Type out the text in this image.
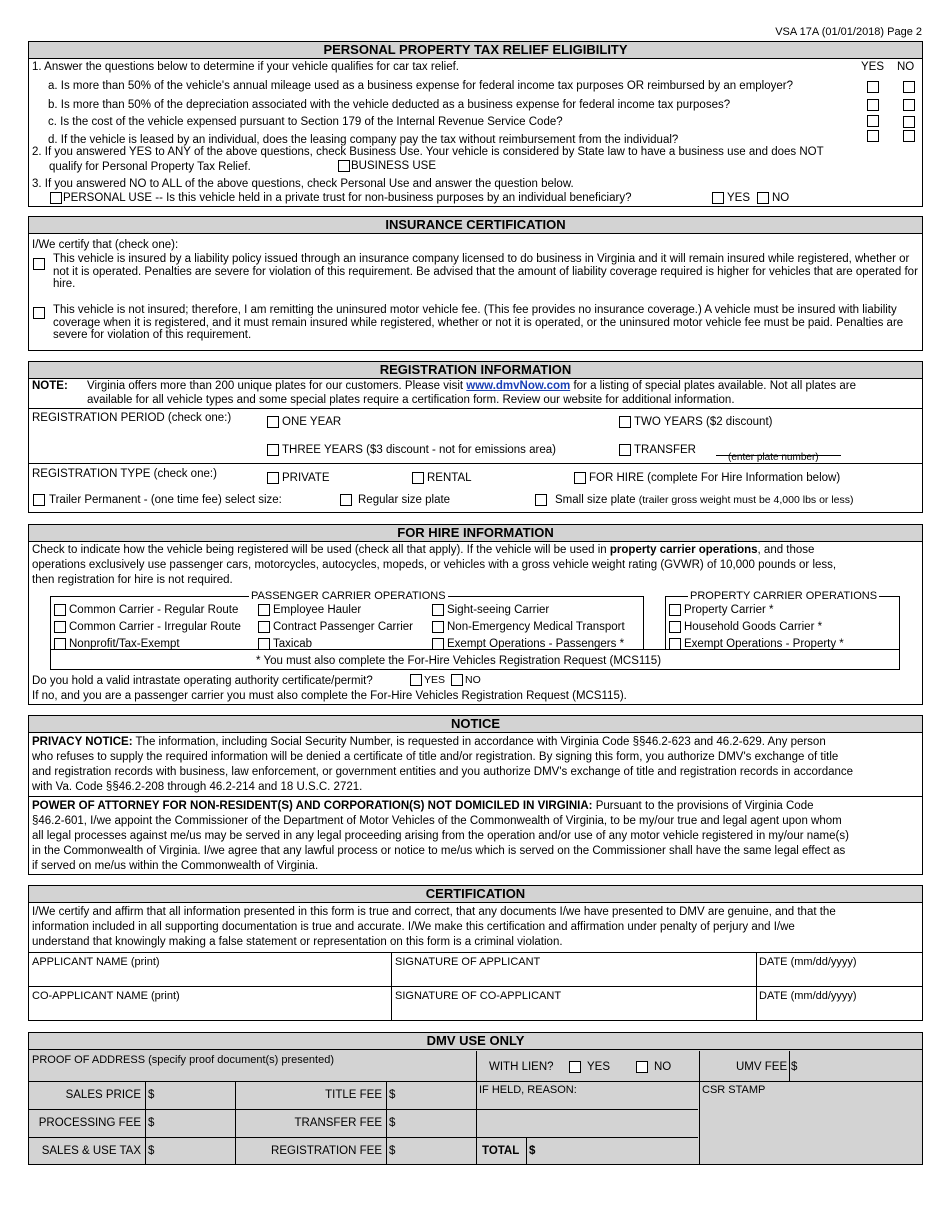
VSA 17A (01/01/2018) Page 2
PERSONAL PROPERTY TAX RELIEF ELIGIBILITY
1. Answer the questions below to determine if your vehicle qualifies for car tax relief.	YES NO
a. Is more than 50% of the vehicle's annual mileage used as a business expense for federal income tax purposes OR reimbursed by an employer?
b. Is more than 50% of the depreciation associated with the vehicle deducted as a business expense for federal income tax purposes?
c. Is the cost of the vehicle expensed pursuant to Section 179 of the Internal Revenue Service Code?
d. If the vehicle is leased by an individual, does the leasing company pay the tax without reimbursement from the individual?
2. If you answered YES to ANY of the above questions, check Business Use. Your vehicle is considered by State law to have a business use and does NOT
qualify for Personal Property Tax Relief.	BUSINESS USE
3. If you answered NO to ALL of the above questions, check Personal Use and answer the question below.
PERSONAL USE -- Is this vehicle held in a private trust for non-business purposes by an individual beneficiary?	YES NO
INSURANCE CERTIFICATION
I/We certify that (check one):
This vehicle is insured by a liability policy issued through an insurance company licensed to do business in Virginia and it will remain insured while registered, whether or not it is operated. Penalties are severe for violation of this requirement. Be advised that the amount of liability coverage required is higher for vehicles that are operated for hire.
This vehicle is not insured; therefore, I am remitting the uninsured motor vehicle fee. (This fee provides no insurance coverage.) A vehicle must be insured with liability coverage when it is registered, and it must remain insured while registered, whether or not it is operated, or the uninsured motor vehicle fee must be paid. Penalties are severe for violation of this requirement.
REGISTRATION INFORMATION
NOTE: Virginia offers more than 200 unique plates for our customers. Please visit www.dmvNow.com for a listing of special plates available. Not all plates are
available for all vehicle types and some special plates require a certification form. Review our website for additional information.
REGISTRATION PERIOD (check one:)	ONE YEAR	TWO YEARS ($2 discount)
THREE YEARS ($3 discount - not for emissions area)	TRANSFER
(enter plate number)
REGISTRATION TYPE (check one:)	PRIVATE	RENTAL	FOR HIRE (complete For Hire Information below)
Trailer Permanent - (one time fee) select size:	Regular size plate	Small size plate (trailer gross weight must be 4,000 lbs or less)
FOR HIRE INFORMATION
Check to indicate how the vehicle being registered will be used (check all that apply). If the vehicle will be used in property carrier operations, and those
operations exclusively use passenger cars, motorcycles, autocycles, mopeds, or vehicles with a gross vehicle weight rating (GVWR) of 10,000 pounds or less,
then registration for hire is not required.
PASSENGER CARRIER OPERATIONS	PROPERTY CARRIER OPERATIONS
* You must also complete the For-Hire Vehicles Registration Request (MCS115)
Common Carrier - Regular Route	Employee Hauler	Sight-seeing Carrier	Property Carrier *
Common Carrier - Irregular Route	Contract Passenger Carrier	Non-Emergency Medical Transport	Household Goods Carrier *
Nonprofit/Tax-Exempt	Taxicab	Exempt Operations - Passengers *	Exempt Operations - Property *
Do you hold a valid intrastate operating authority certificate/permit?	YES NO
If no, and you are a passenger carrier you must also complete the For-Hire Vehicles Registration Request (MCS115).
NOTICE
PRIVACY NOTICE: The information, including Social Security Number, is requested in accordance with Virginia Code §§46.2-623 and 46.2-629. Any person
who refuses to supply the required information will be denied a certificate of title and/or registration. By signing this form, you authorize DMV's exchange of title
and registration records with business, law enforcement, or government entities and you authorize DMV's exchange of title and registration records in accordance
with Va. Code §§46.2-208 through 46.2-214 and 18 U.S.C. 2721.
POWER OF ATTORNEY FOR NON-RESIDENT(S) AND CORPORATION(S) NOT DOMICILED IN VIRGINIA: Pursuant to the provisions of Virginia Code
§46.2-601, I/we appoint the Commissioner of the Department of Motor Vehicles of the Commonwealth of Virginia, to be my/our true and legal agent upon whom
all legal processes against me/us may be served in any legal proceeding arising from the operation and/or use of any motor vehicle registered in my/our name(s)
in the Commonwealth of Virginia. I/we agree that any lawful process or notice to me/us which is served on the Commissioner shall have the same legal effect as
if served on me/us within the Commonwealth of Virginia.
CERTIFICATION
I/We certify and affirm that all information presented in this form is true and correct, that any documents I/we have presented to DMV are genuine, and that the
information included in all supporting documentation is true and accurate. I/We make this certification and affirmation under penalty of perjury and I/we
understand that knowingly making a false statement or representation on this form is a criminal violation.
APPLICANT NAME (print)	SIGNATURE OF APPLICANT	DATE (mm/dd/yyyy)
CO-APPLICANT NAME (print)	SIGNATURE OF CO-APPLICANT	DATE (mm/dd/yyyy)
DMV USE ONLY
PROOF OF ADDRESS (specify proof document(s) presented)
WITH LIEN?	YES	NO	UMV FEE $
SALES PRICE $	TITLE FEE $	IF HELD, REASON:	CSR STAMP
PROCESSING FEE $	TRANSFER FEE $
SALES & USE TAX $	REGISTRATION FEE $	TOTAL $
